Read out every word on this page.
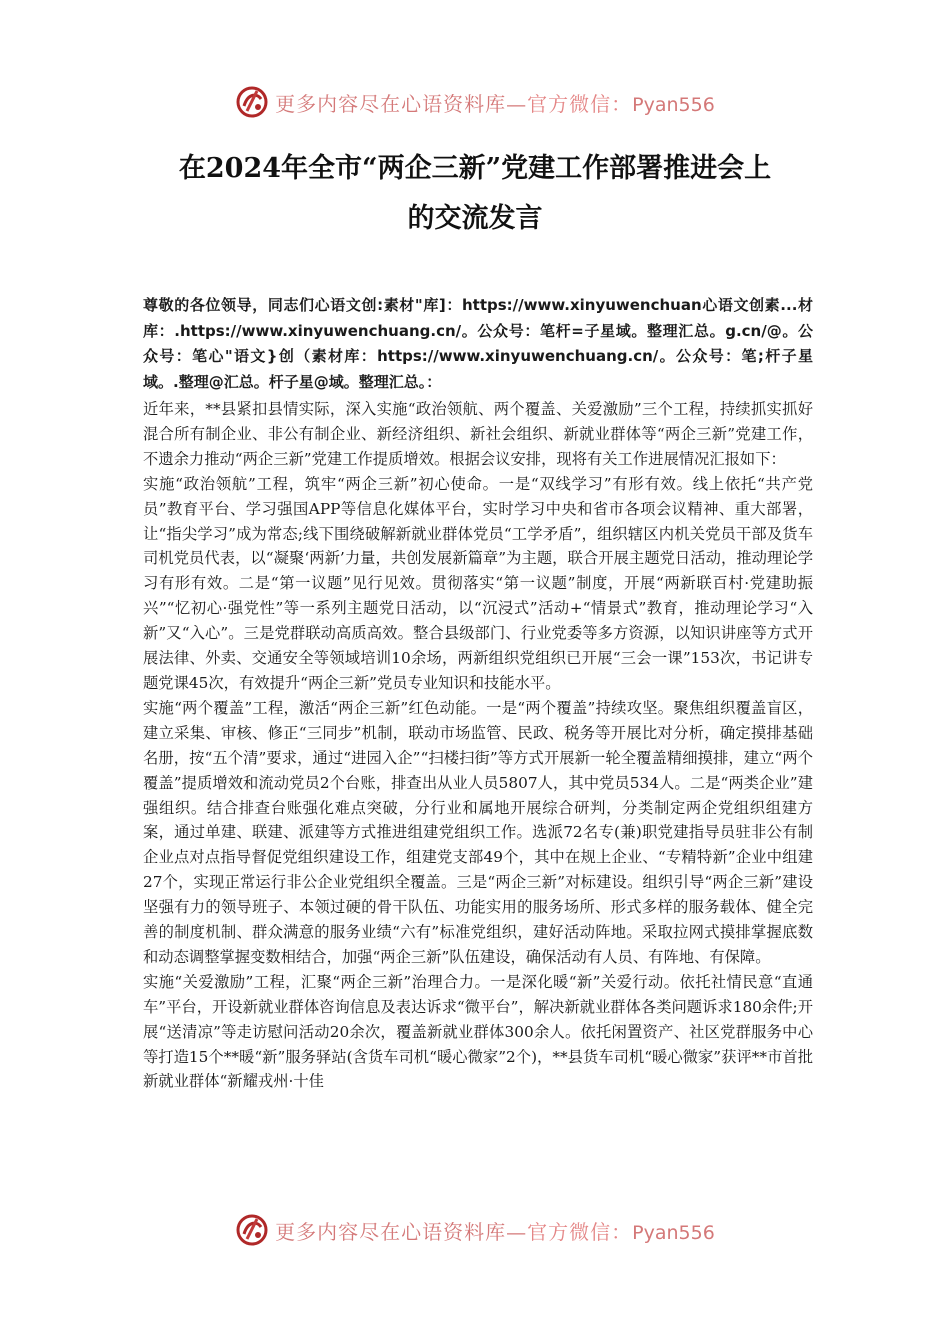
更多内容尽在心语资料库—官方微信：Pyan556
在2024年全市“两企三新”党建工作部署推进会上
的交流发言

尊敬的各位领导，同志们心语文创:素材"库]：https://www.xinyuwenchuan心语文创素...材库：.https://www.xinyuwenchuang.cn/。公众号：笔杆=子星域。整理汇总。g.cn/@。公众号：笔心"语文}创（素材库：https://www.xinyuwenchuang.cn/。公众号：笔;杆子星域。.整理@汇总。杆子星@域。整理汇总。：

近年来，**县紧扣县情实际，深入实施“政治领航、两个覆盖、关爱激励”三个工程，持续抓实抓好混合所有制企业、非公有制企业、新经济组织、新社会组织、新就业群体等“两企三新”党建工作，不遗余力推动“两企三新”党建工作提质增效。根据会议安排，现将有关工作进展情况汇报如下：

实施“政治领航”工程，筑牢“两企三新”初心使命。一是“双线学习”有形有效。线上依托“共产党员”教育平台、学习强国APP等信息化媒体平台，实时学习中央和省市各项会议精神、重大部署，让“指尖学习”成为常态;线下围绕破解新就业群体党员“工学矛盾”，组织辖区内机关党员干部及货车司机党员代表，以“凝聚‘两新’力量，共创发展新篇章”为主题，联合开展主题党日活动，推动理论学习有形有效。二是“第一议题”见行见效。贯彻落实“第一议题”制度，开展“两新联百村·党建助振兴”“忆初心·强党性”等一系列主题党日活动，以“沉浸式”活动+“情景式”教育，推动理论学习“入新”又“入心”。三是党群联动高质高效。整合县级部门、行业党委等多方资源，以知识讲座等方式开展法律、外卖、交通安全等领域培训10余场，两新组织党组织已开展“三会一课”153次，书记讲专题党课45次，有效提升“两企三新”党员专业知识和技能水平。

实施“两个覆盖”工程，激活“两企三新”红色动能。一是“两个覆盖”持续攻坚。聚焦组织覆盖盲区，建立采集、审核、修正“三同步”机制，联动市场监管、民政、税务等开展比对分析，确定摸排基础名册，按“五个清”要求，通过“进园入企”“扫楼扫街”等方式开展新一轮全覆盖精细摸排，建立“两个覆盖”提质增效和流动党员2个台账，排查出从业人员5807人，其中党员534人。二是“两类企业”建强组织。结合排查台账强化难点突破，分行业和属地开展综合研判，分类制定两企党组织组建方案，通过单建、联建、派建等方式推进组建党组织工作。选派72名专(兼)职党建指导员驻非公有制企业点对点指导督促党组织建设工作，组建党支部49个，其中在规上企业、“专精特新”企业中组建27个，实现正常运行非公企业党组织全覆盖。三是“两企三新”对标建设。组织引导“两企三新”建设坚强有力的领导班子、本领过硬的骨干队伍、功能实用的服务场所、形式多样的服务载体、健全完善的制度机制、群众满意的服务业绩“六有”标准党组织，建好活动阵地。采取拉网式摸排掌握底数和动态调整掌握变数相结合，加强“两企三新”队伍建设，确保活动有人员、有阵地、有保障。

实施“关爱激励”工程，汇聚“两企三新”治理合力。一是深化暖“新”关爱行动。依托社情民意“直通车”平台，开设新就业群体咨询信息及表达诉求“微平台”，解决新就业群体各类问题诉求180余件;开展“送清凉”等走访慰问活动20余次，覆盖新就业群体300余人。依托闲置资产、社区党群服务中心等打造15个**暖“新”服务驿站(含货车司机“暖心微家”2个)，**县货车司机“暖心微家”获评**市首批新就业群体“新耀戎州·十佳

更多内容尽在心语资料库—官方微信：Pyan556
